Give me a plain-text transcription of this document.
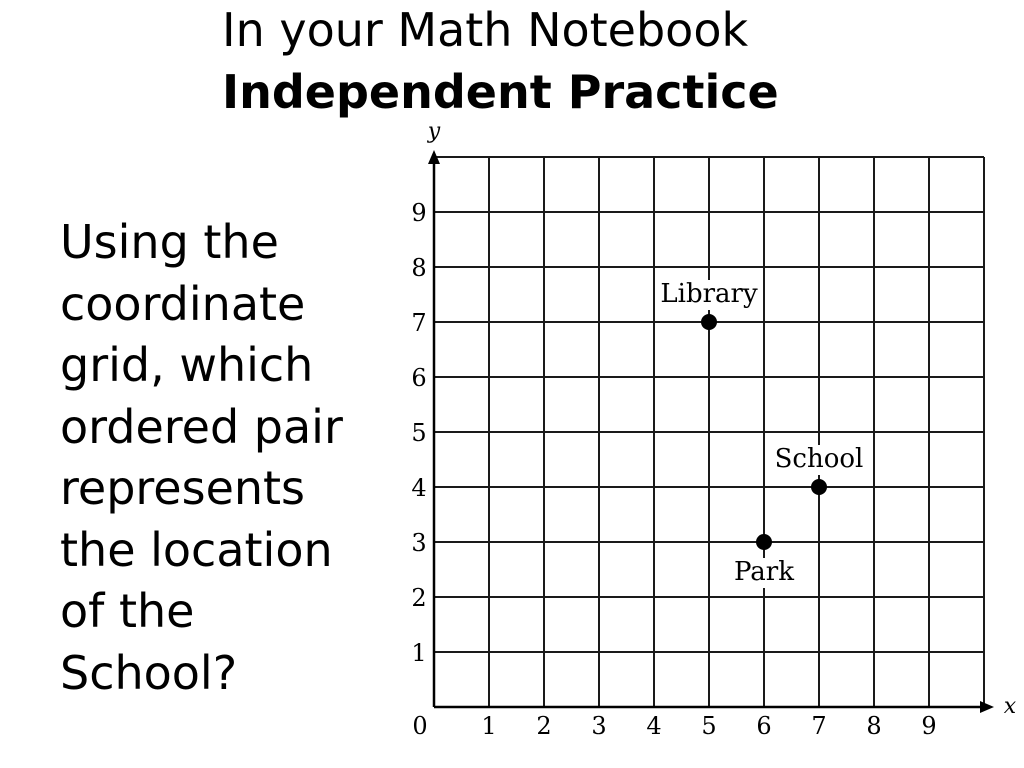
In your Math Notebook
Independent Practice
Using the
coordinate
grid, which
ordered pair
represents
the location
of the
School?
y
x
0 1 2 3 4 5 6 7 8 9
1
2
3
4
5
6
7
8
9
Library
School
Park
